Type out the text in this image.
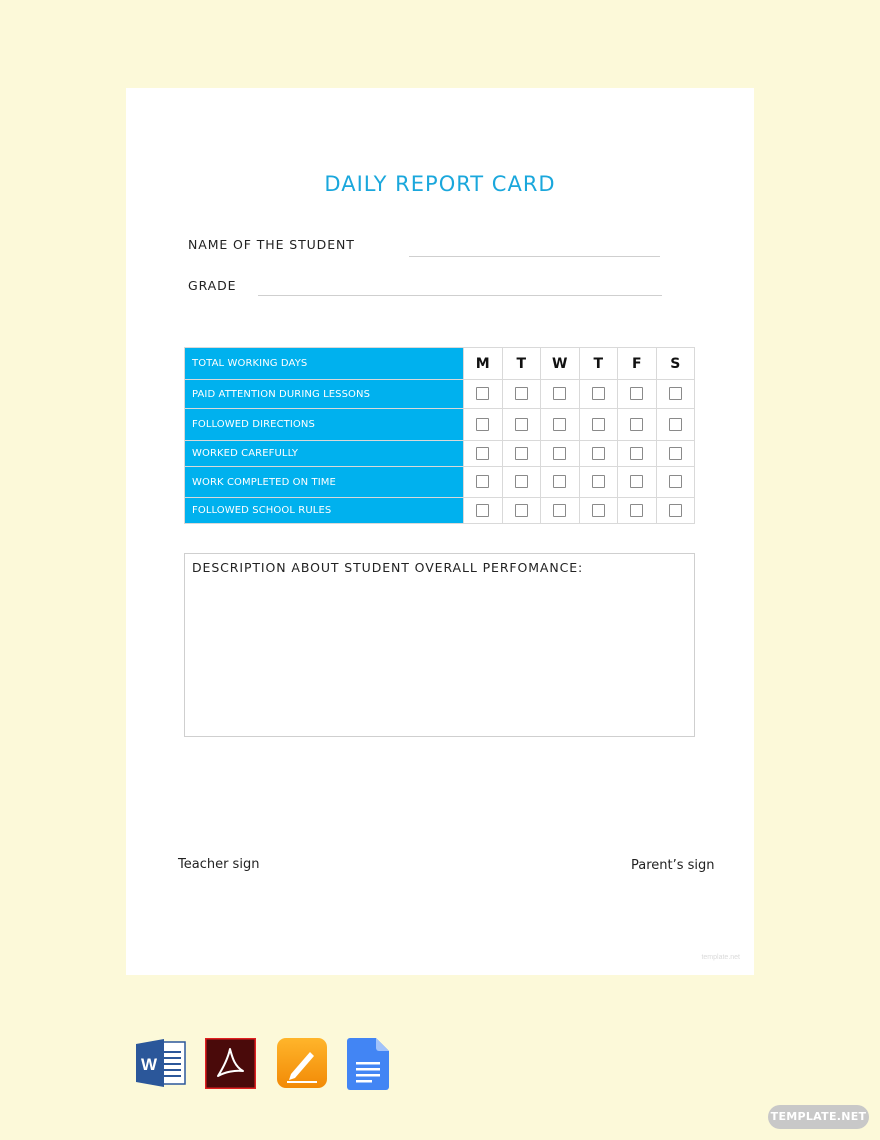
DAILY REPORT CARD
NAME OF THE STUDENT
GRADE
TOTAL WORKING DAYS	M	T	W	T	F	S
PAID ATTENTION DURING LESSONS						
FOLLOWED DIRECTIONS						
WORKED CAREFULLY						
WORK COMPLETED ON TIME						
FOLLOWED SCHOOL RULES						
DESCRIPTION ABOUT STUDENT OVERALL PERFOMANCE:
Teacher sign	Parent’s sign
template.net
W
TEMPLATE.NET
